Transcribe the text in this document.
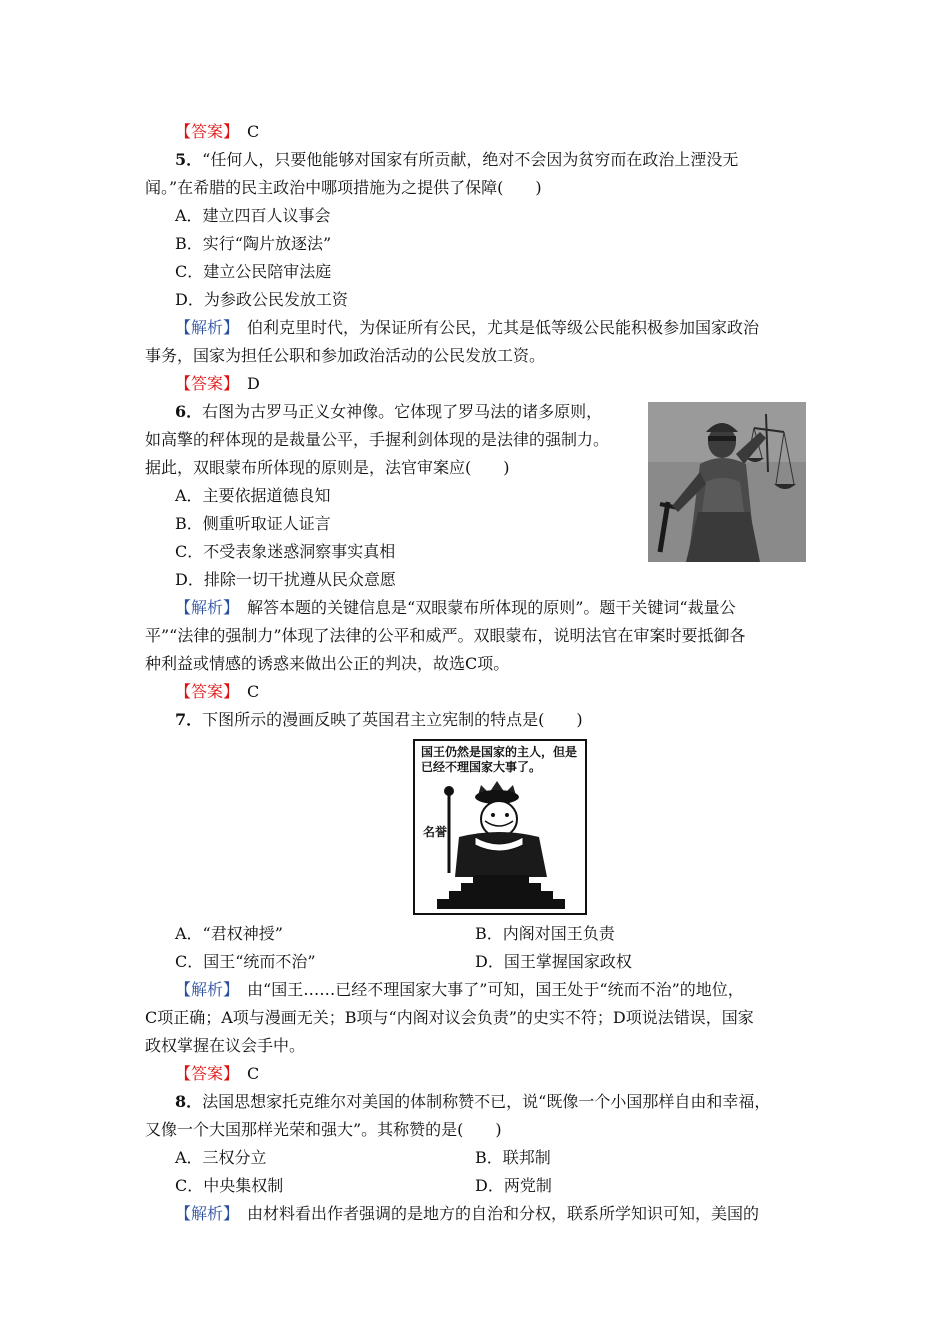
【答案】　 C
5．“任何人，只要他能够对国家有所贡献，绝对不会因为贫穷而在政治上湮没无
闻。”在希腊的民主政治中哪项措施为之提供了保障(　　)
A．建立四百人议事会
B．实行“陶片放逐法”
C．建立公民陪审法庭
D．为参政公民发放工资
【解析】　 伯利克里时代，为保证所有公民，尤其是低等级公民能积极参加国家政治
事务，国家为担任公职和参加政治活动的公民发放工资。
【答案】　 D
6．右图为古罗马正义女神像。它体现了罗马法的诸多原则，
如高擎的秤体现的是裁量公平，手握利剑体现的是法律的强制力。
据此，双眼蒙布所体现的原则是，法官审案应(　　)
A．主要依据道德良知
B．侧重听取证人证言
C．不受表象迷惑洞察事实真相
D．排除一切干扰遵从民众意愿
【解析】　 解答本题的关键信息是“双眼蒙布所体现的原则”。题干关键词“裁量公
平”“法律的强制力”体现了法律的公平和威严。双眼蒙布，说明法官在审案时要抵御各
种利益或情感的诱惑来做出公正的判决，故选C项。
【答案】　 C
7．下图所示的漫画反映了英国君主立宪制的特点是(　　)
国王仍然是国家的主人，但是
已经不理国家大事了。
名誉
A．“君权神授”	B．内阁对国王负责
C．国王“统而不治”	D．国王掌握国家政权
【解析】　 由“国王……已经不理国家大事了”可知，国王处于“统而不治”的地位，
C项正确；A项与漫画无关；B项与“内阁对议会负责”的史实不符；D项说法错误，国家
政权掌握在议会手中。
【答案】　 C
8．法国思想家托克维尔对美国的体制称赞不已，说“既像一个小国那样自由和幸福，
又像一个大国那样光荣和强大”。其称赞的是(　　)
A．三权分立	B．联邦制
C．中央集权制	D．两党制
【解析】　 由材料看出作者强调的是地方的自治和分权，联系所学知识可知，美国的
